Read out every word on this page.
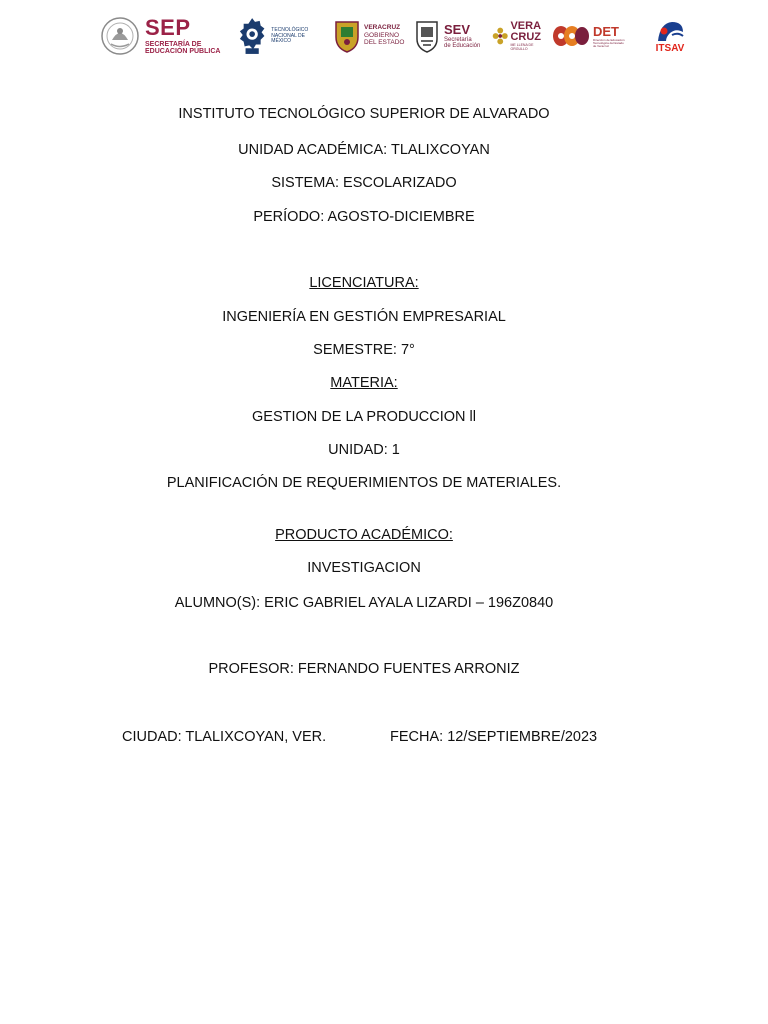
SEP
SECRETARÍA DE
EDUCACIÓN PÚBLICA
TECNOLÓGICO
NACIONAL DE MÉXICO
VERACRUZ
GOBIERNO
DEL ESTADO
SEV
Secretaría
de Educación
VERA
CRUZ
ME LLENA DE ORGULLO
DET
Dirección de Educación
Tecnológica del Estado
de Veracruz	ITSAV
INSTITUTO TECNOLÓGICO SUPERIOR DE ALVARADO
UNIDAD ACADÉMICA: TLALIXCOYAN
SISTEMA: ESCOLARIZADO
PERÍODO: AGOSTO-DICIEMBRE
LICENCIATURA:
INGENIERÍA EN GESTIÓN EMPRESARIAL
SEMESTRE: 7°
MATERIA:
GESTION DE LA PRODUCCION ll
UNIDAD: 1
PLANIFICACIÓN DE REQUERIMIENTOS DE MATERIALES.
PRODUCTO ACADÉMICO:
INVESTIGACION
ALUMNO(S): ERIC GABRIEL AYALA LIZARDI – 196Z0840
PROFESOR: FERNANDO FUENTES ARRONIZ
CIUDAD: TLALIXCOYAN, VER.	FECHA: 12/SEPTIEMBRE/2023
